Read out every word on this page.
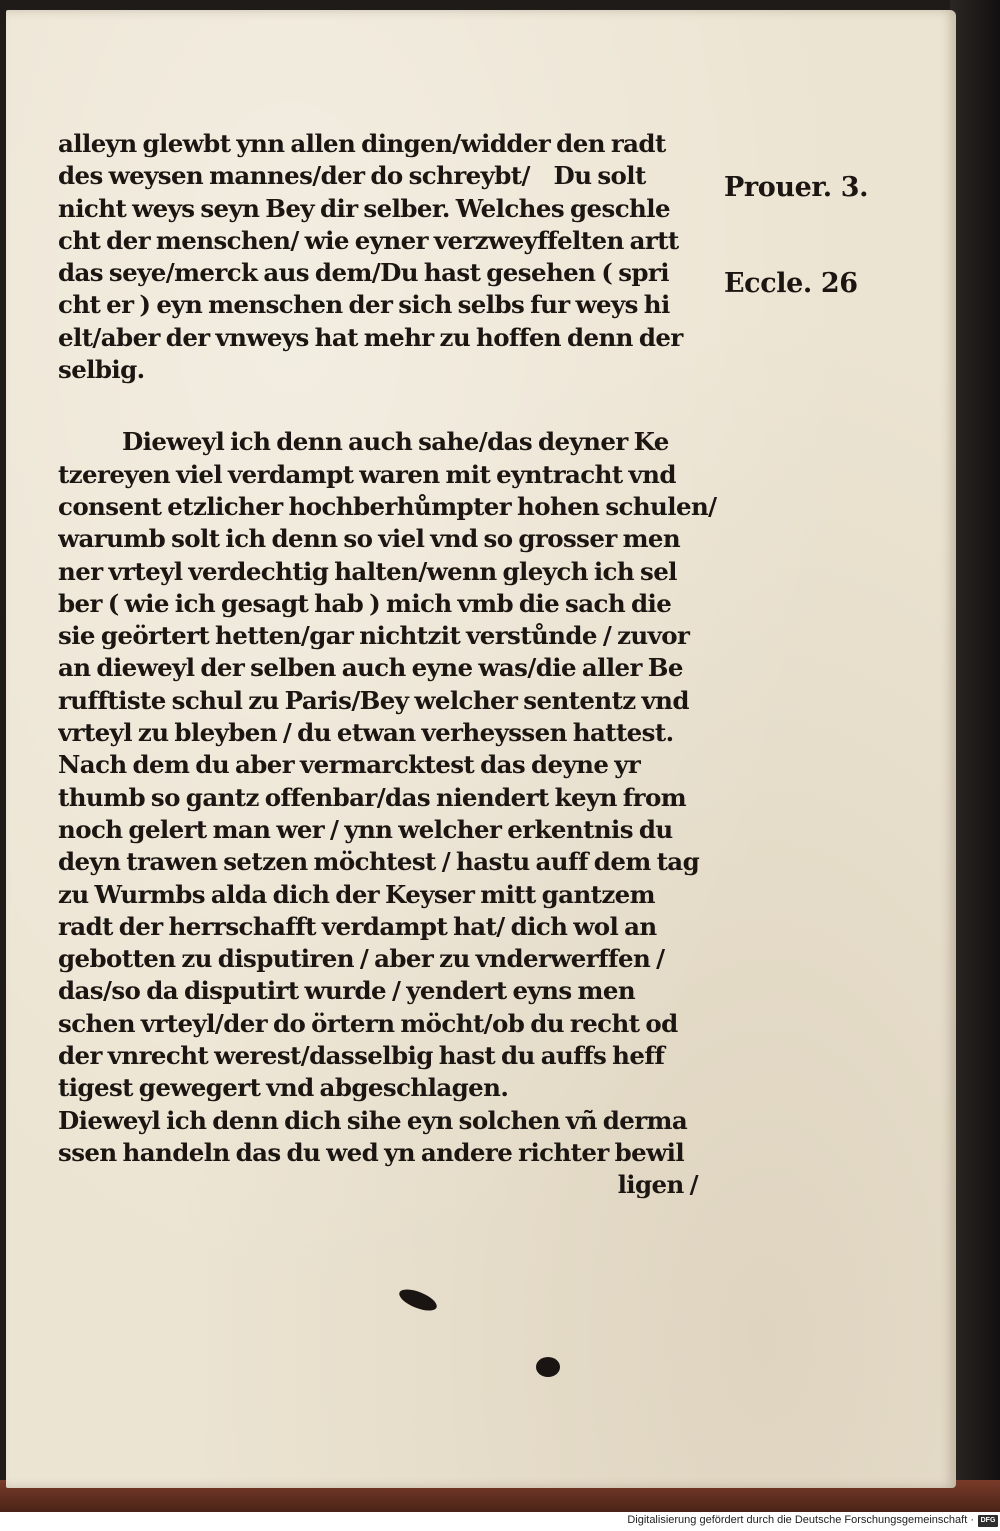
alleyn glewbt ynn allen dingen/widder den radt
des weysen mannes/der do schreybt/    Du solt
nicht weys seyn Bey dir selber. Welches geschle
cht der menschen/ wie eyner verzweyffelten artt
das seye/merck aus dem/Du hast gesehen ( spri
cht er ) eyn menschen der sich selbs fur weys hi
elt/aber der vnweys hat mehr zu hoffen denn der
selbig.
Dieweyl ich denn auch sahe/das deyner Ke
tzereyen viel verdampt waren mit eyntracht vnd
consent etzlicher hochberhůmpter hohen schulen/
warumb solt ich denn so viel vnd so grosser men
ner vrteyl verdechtig halten/wenn gleych ich sel
ber ( wie ich gesagt hab ) mich vmb die sach die
sie geörtert hetten/gar nichtzit verstůnde / zuvor
an dieweyl der selben auch eyne was/die aller Be
rufftiste schul zu Paris/Bey welcher sententz vnd
vrteyl zu bleyben / du etwan verheyssen hattest.
Nach dem du aber vermarcktest das deyne yr
thumb so gantz offenbar/das niendert keyn from
noch gelert man wer / ynn welcher erkentnis du
deyn trawen setzen möchtest / hastu auff dem tag
zu Wurmbs alda dich der Keyser mitt gantzem
radt der herrschafft verdampt hat/ dich wol an
gebotten zu disputiren / aber zu vnderwerffen /
das/so da disputirt wurde / yendert eyns men
schen vrteyl/der do örtern möcht/ob du recht od
der vnrecht werest/dasselbig hast du auffs heff
tigest gewegert vnd abgeschlagen.
Dieweyl ich denn dich sihe eyn solchen vñ derma
ssen handeln das du wed yn andere richter bewil
ligen /
Prouer. 3.
Eccle. 26
Digitalisierung gefördert durch die Deutsche Forschungsgemeinschaft · DFG
